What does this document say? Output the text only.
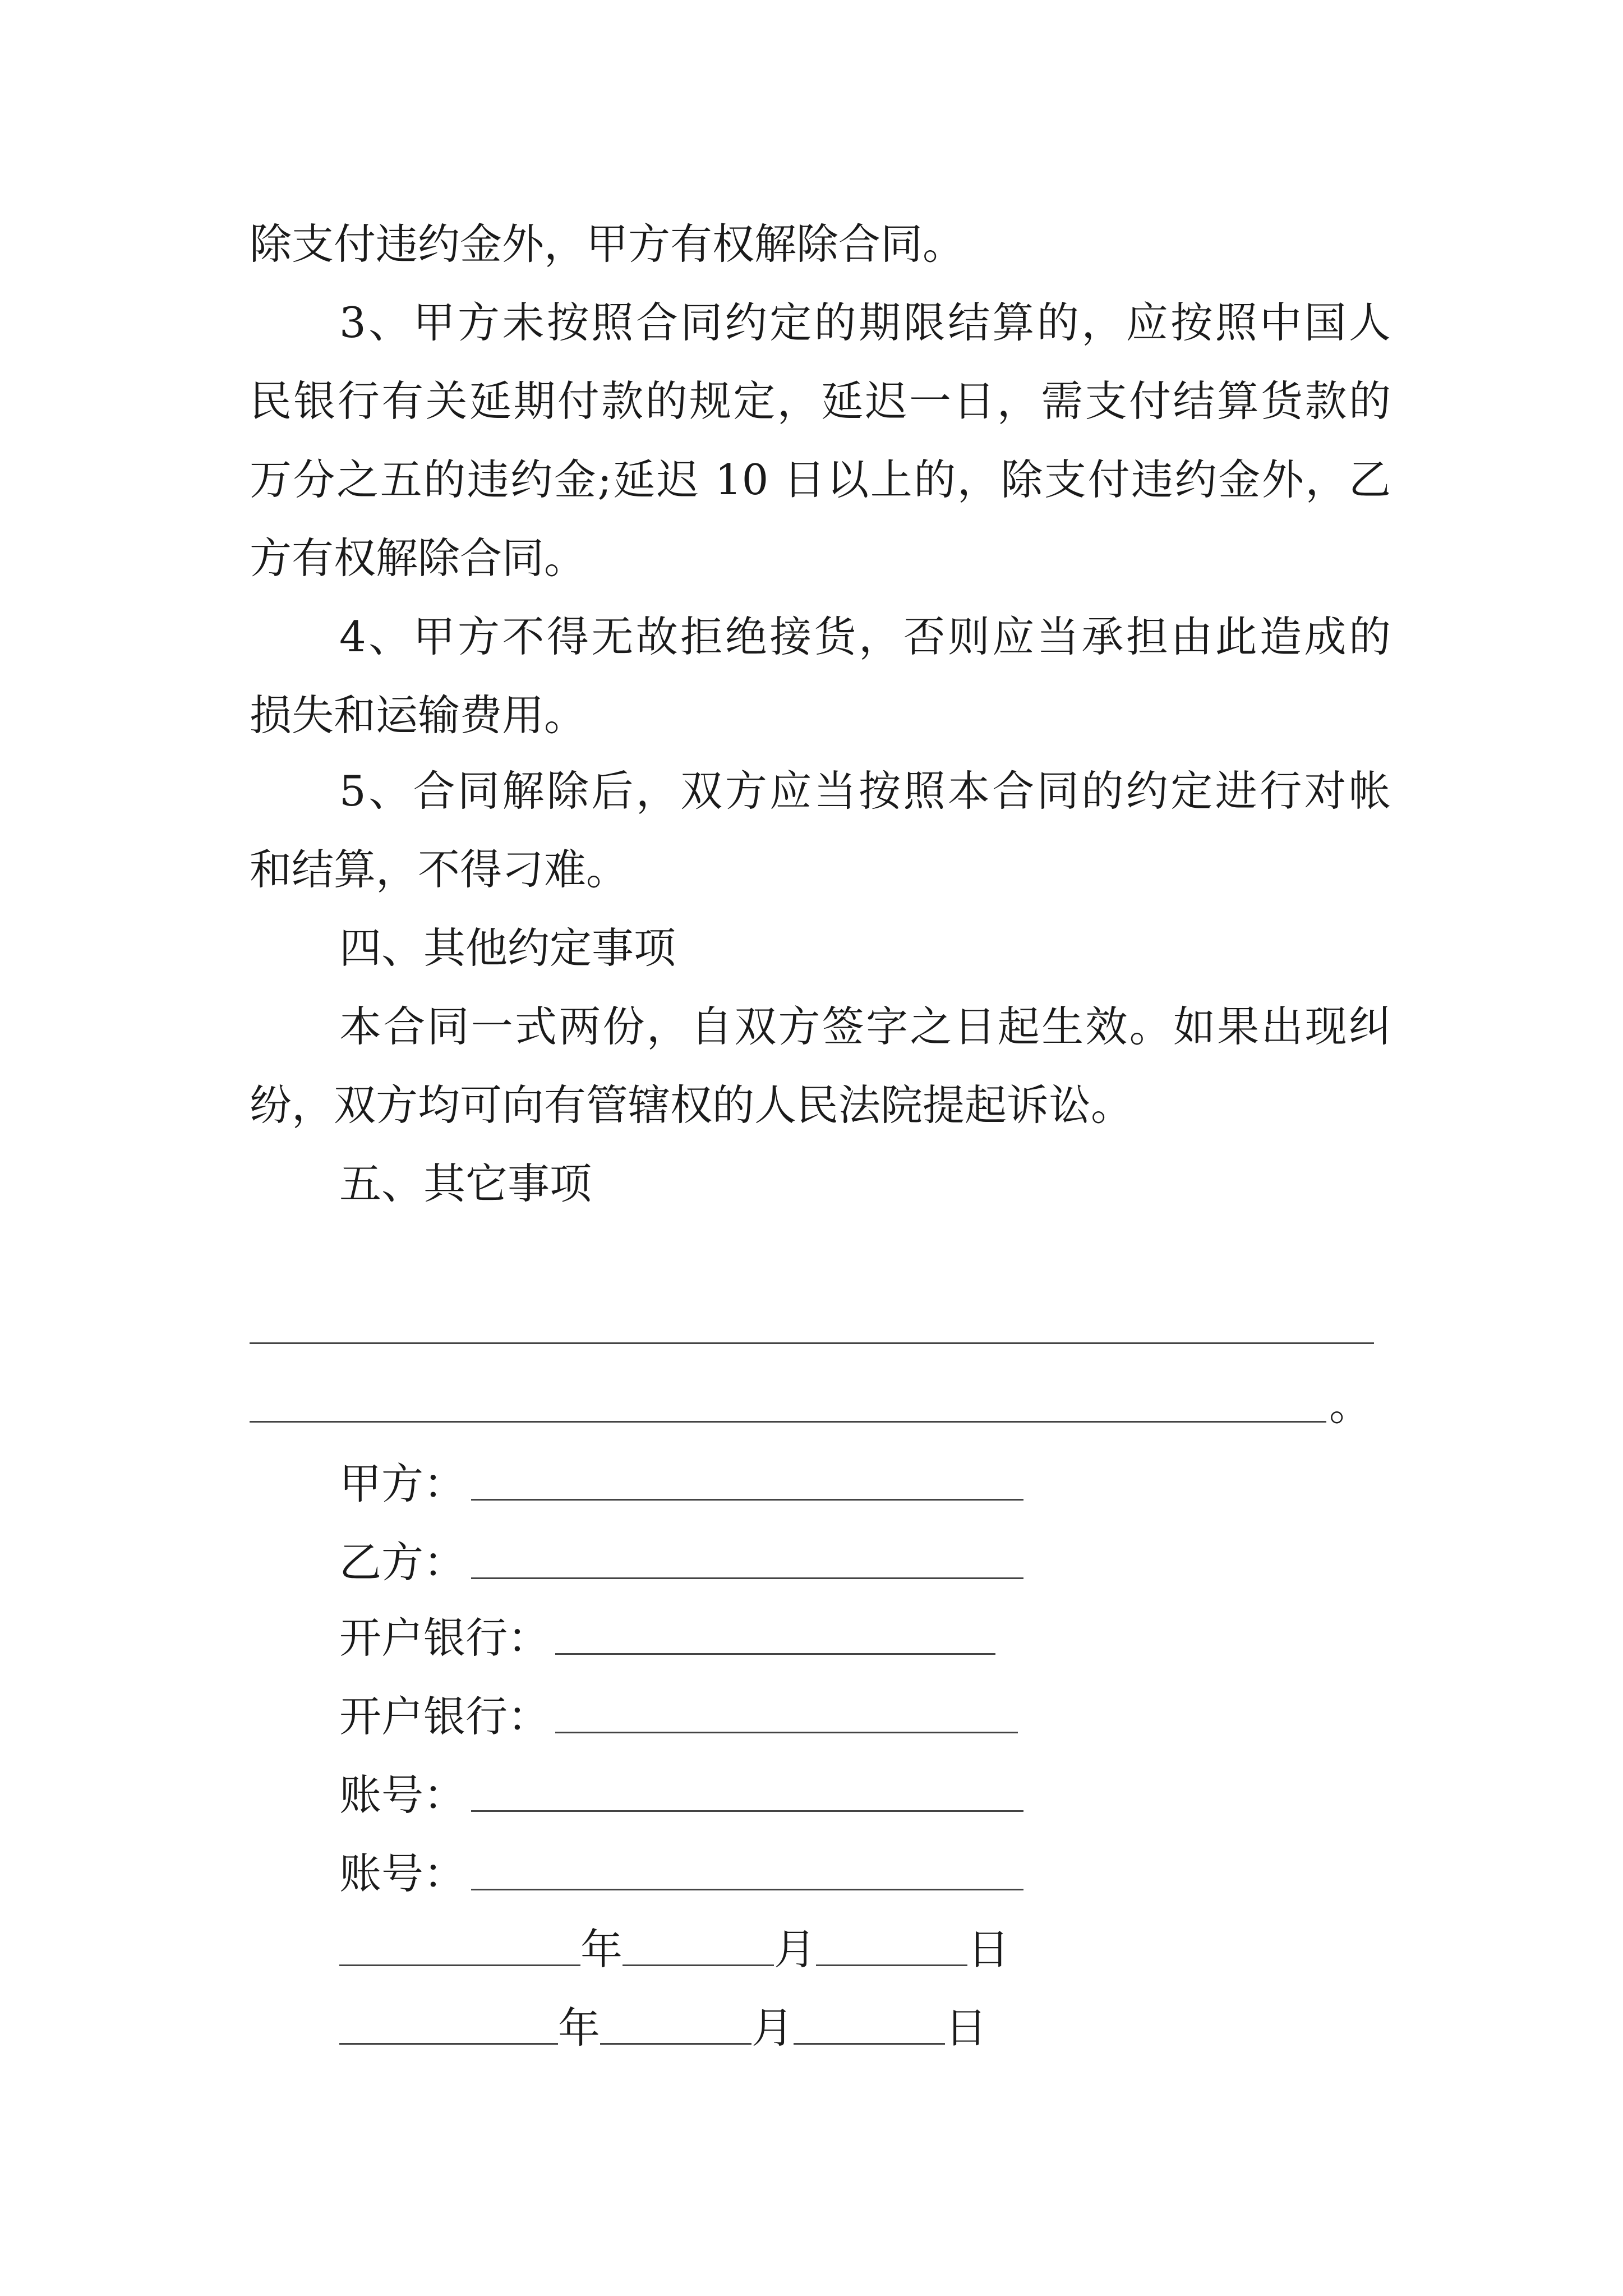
除支付违约金外，甲方有权解除合同。
3、甲方未按照合同约定的期限结算的，应按照中国人
民银行有关延期付款的规定，延迟一日，需支付结算货款的
万分之五的违约金;延迟 10 日以上的，除支付违约金外，乙
方有权解除合同。
4、甲方不得无故拒绝接货，否则应当承担由此造成的
损失和运输费用。
5、合同解除后，双方应当按照本合同的约定进行对帐
和结算，不得刁难。
四、其他约定事项
本合同一式两份，自双方签字之日起生效。如果出现纠
纷，双方均可向有管辖权的人民法院提起诉讼。
五、其它事项
。
甲方：
乙方：
开户银行：
开户银行：
账号：
账号：
年	月	日
年	月	日
